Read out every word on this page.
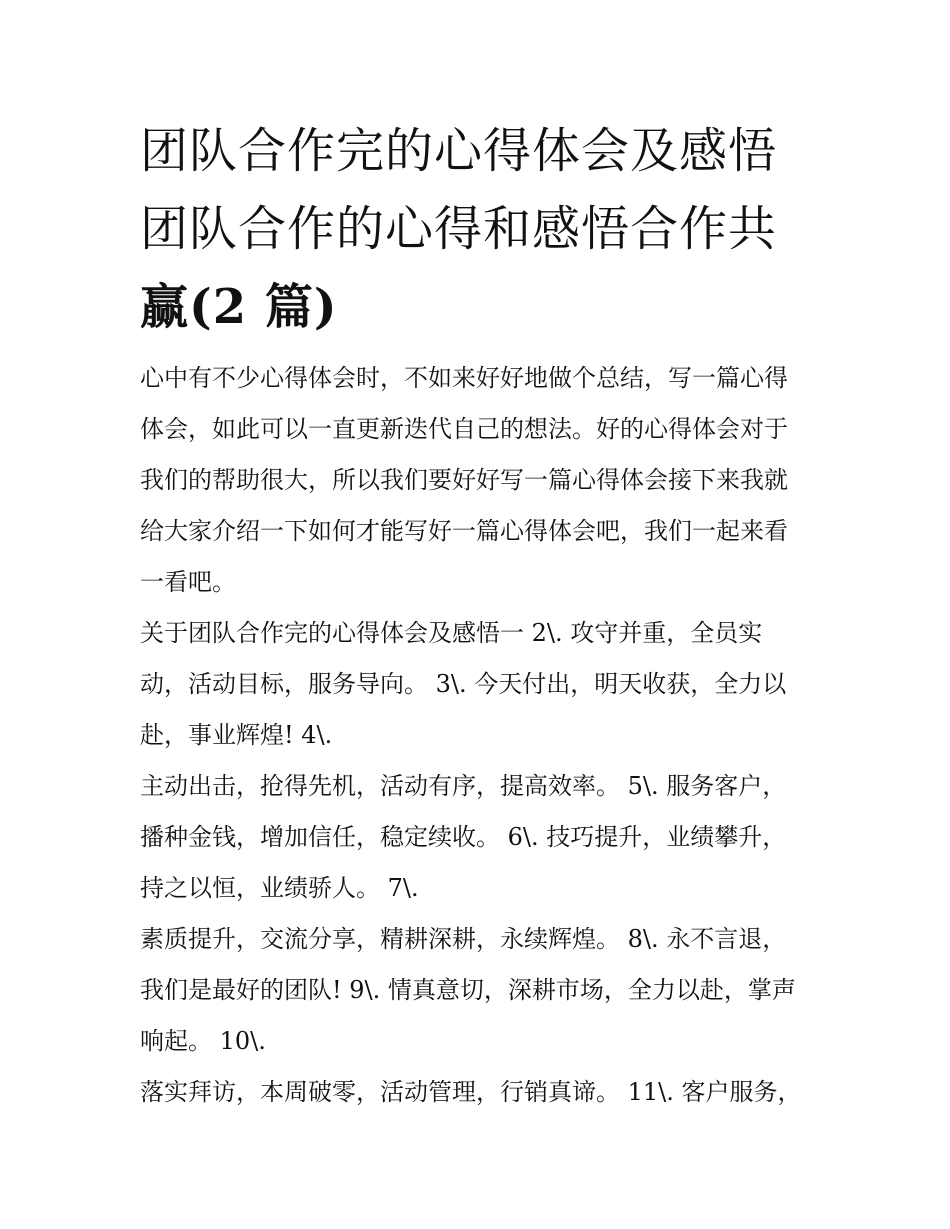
团队合作完的心得体会及感悟
团队合作的心得和感悟合作共
赢(2 篇)
心中有不少心得体会时，不如来好好地做个总结，写一篇心得
体会，如此可以一直更新迭代自己的想法。好的心得体会对于
我们的帮助很大，所以我们要好好写一篇心得体会接下来我就
给大家介绍一下如何才能写好一篇心得体会吧，我们一起来看
一看吧。
关于团队合作完的心得体会及感悟一 2\. 攻守并重，全员实
动，活动目标，服务导向。 3\. 今天付出，明天收获，全力以
赴，事业辉煌! 4\.
主动出击，抢得先机，活动有序，提高效率。 5\. 服务客户，
播种金钱，增加信任，稳定续收。 6\. 技巧提升，业绩攀升，
持之以恒，业绩骄人。 7\.
素质提升，交流分享，精耕深耕，永续辉煌。 8\. 永不言退，
我们是最好的团队! 9\. 情真意切，深耕市场，全力以赴，掌声
响起。 10\.
落实拜访，本周破零，活动管理，行销真谛。 11\. 客户服务，
